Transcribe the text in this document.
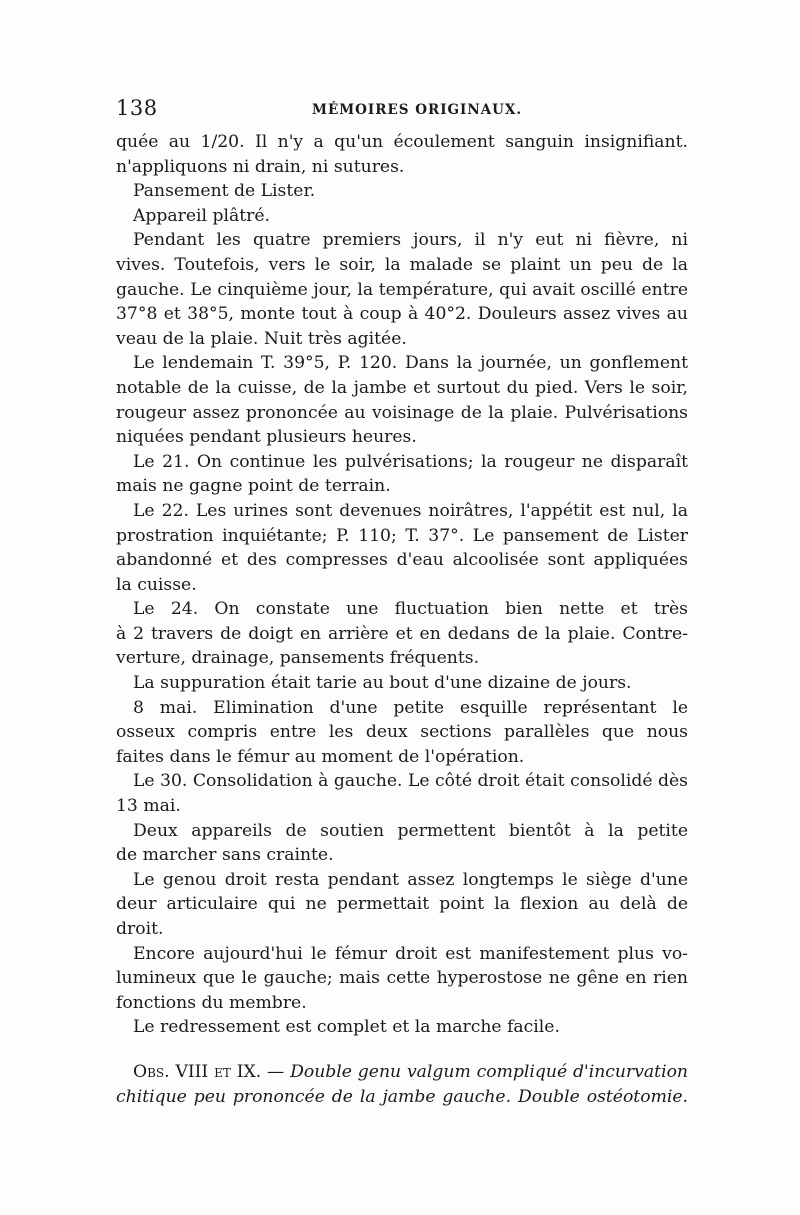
138	MÉMOIRES ORIGINAUX.
quée au 1/20. Il n'y a qu'un écoulement sanguin insignifiant.
n'appliquons ni drain, ni sutures.
Pansement de Lister.
Appareil plâtré.
Pendant les quatre premiers jours, il n'y eut ni fièvre, ni
vives. Toutefois, vers le soir, la malade se plaint un peu de la
gauche. Le cinquième jour, la température, qui avait oscillé entre
37°8 et 38°5, monte tout à coup à 40°2. Douleurs assez vives au
veau de la plaie. Nuit très agitée.
Le lendemain T. 39°5, P. 120. Dans la journée, un gonflement
notable de la cuisse, de la jambe et surtout du pied. Vers le soir,
rougeur assez prononcée au voisinage de la plaie. Pulvérisations
niquées pendant plusieurs heures.
Le 21. On continue les pulvérisations; la rougeur ne disparaît
mais ne gagne point de terrain.
Le 22. Les urines sont devenues noirâtres, l'appétit est nul, la
prostration inquiétante; P. 110; T. 37°. Le pansement de Lister
abandonné et des compresses d'eau alcoolisée sont appliquées
la cuisse.
Le 24. On constate une fluctuation bien nette et très
à 2 travers de doigt en arrière et en dedans de la plaie. Contre-
verture, drainage, pansements fréquents.
La suppuration était tarie au bout d'une dizaine de jours.
8 mai. Elimination d'une petite esquille représentant le
osseux compris entre les deux sections parallèles que nous
faites dans le fémur au moment de l'opération.
Le 30. Consolidation à gauche. Le côté droit était consolidé dès
13 mai.
Deux appareils de soutien permettent bientôt à la petite
de marcher sans crainte.
Le genou droit resta pendant assez longtemps le siège d'une
deur articulaire qui ne permettait point la flexion au delà de
droit.
Encore aujourd'hui le fémur droit est manifestement plus vo-
lumineux que le gauche; mais cette hyperostose ne gêne en rien
fonctions du membre.
Le redressement est complet et la marche facile.
Obs. VIII et IX. — Double genu valgum compliqué d'incurvation
chitique peu prononcée de la jambe gauche. Double ostéotomie.
